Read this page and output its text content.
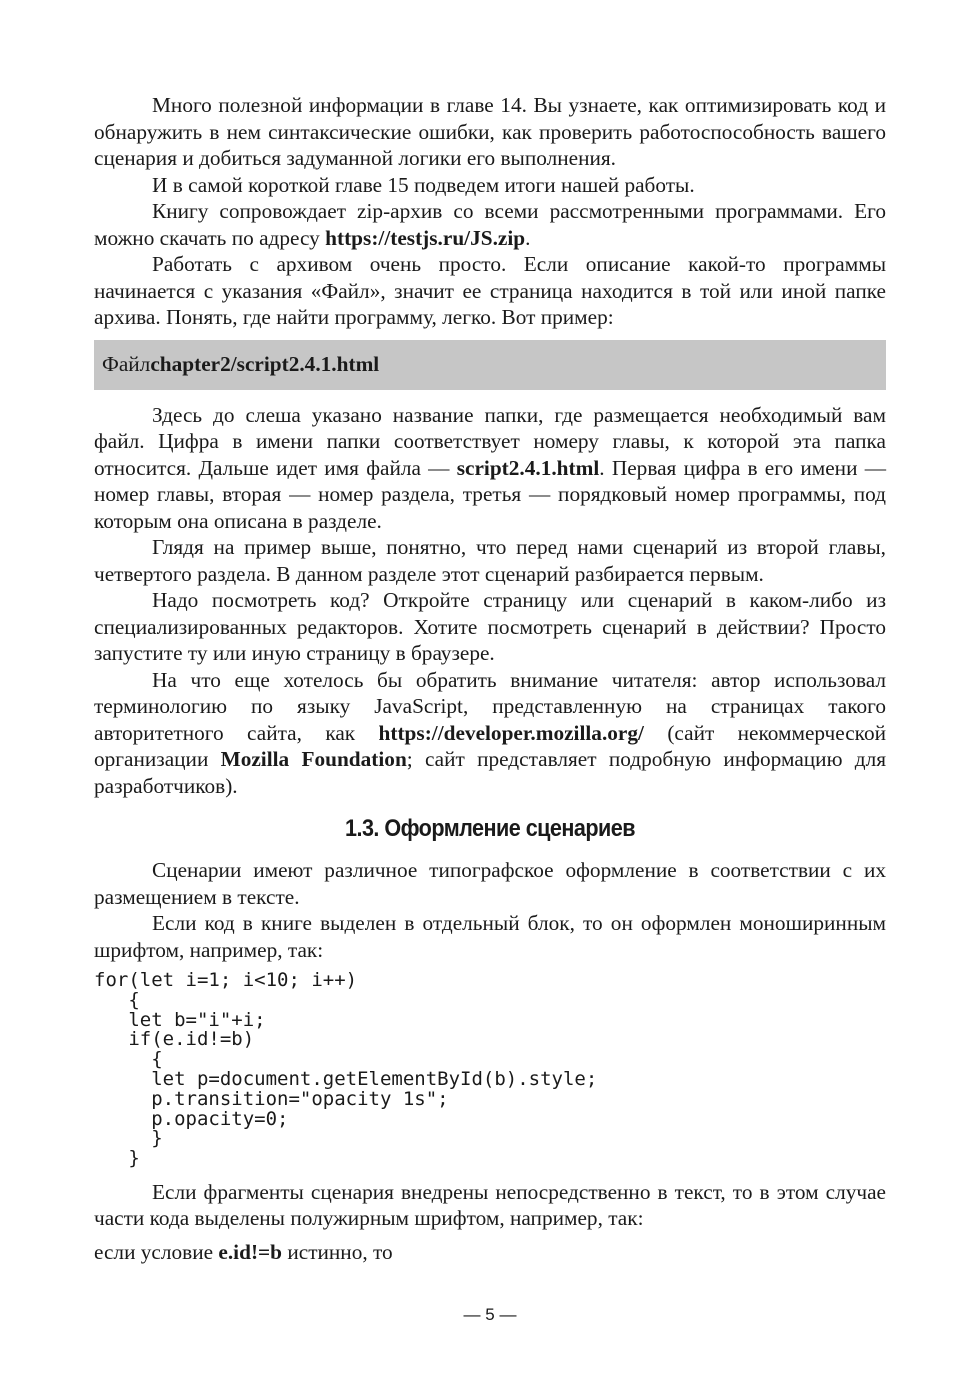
Много полезной информации в главе 14. Вы узнаете, как оптимизировать код и обнаружить в нем синтаксические ошибки, как проверить работоспособность вашего сценария и добиться задуманной логики его выполнения.

И в самой короткой главе 15 подведем итоги нашей работы.

Книгу сопровождает zip-архив со всеми рассмотренными программами. Его можно скачать по адресу https://testjs.ru/JS.zip.

Работать с архивом очень просто. Если описание какой-то программы начинается с указания «Файл», значит ее страница находится в той или иной папке архива. Понять, где найти программу, легко. Вот пример:

Файл chapter2/script2.4.1.html

Здесь до слеша указано название папки, где размещается необходимый вам файл. Цифра в имени папки соответствует номеру главы, к которой эта папка относится. Дальше идет имя файла — script2.4.1.html. Первая цифра в его имени — номер главы, вторая — номер раздела, третья — порядковый номер программы, под которым она описана в разделе.

Глядя на пример выше, понятно, что перед нами сценарий из второй главы, четвертого раздела. В данном разделе этот сценарий разбирается первым.

Надо посмотреть код? Откройте страницу или сценарий в каком-либо из специализированных редакторов. Хотите посмотреть сценарий в действии? Просто запустите ту или иную страницу в браузере.

На что еще хотелось бы обратить внимание читателя: автор использовал терминологию по языку JavaScript, представленную на страницах такого авторитетного сайта, как https://developer.mozilla.org/ (сайт некоммерческой организации Mozilla Foundation; сайт представляет подробную информацию для разработчиков).

1.3. Оформление сценариев

Сценарии имеют различное типографское оформление в соответствии с их размещением в тексте.

Если код в книге выделен в отдельный блок, то он оформлен моноширинным шрифтом, например, так:

for(let i=1; i<10; i++)
{
let b="i"+i;
if(e.id!=b)
{
let p=document.getElementById(b).style;
p.transition="opacity 1s";
p.opacity=0;
}
}

Если фрагменты сценария внедрены непосредственно в текст, то в этом случае части кода выделены полужирным шрифтом, например, так:

если условие e.id!=b истинно, то

— 5 —
